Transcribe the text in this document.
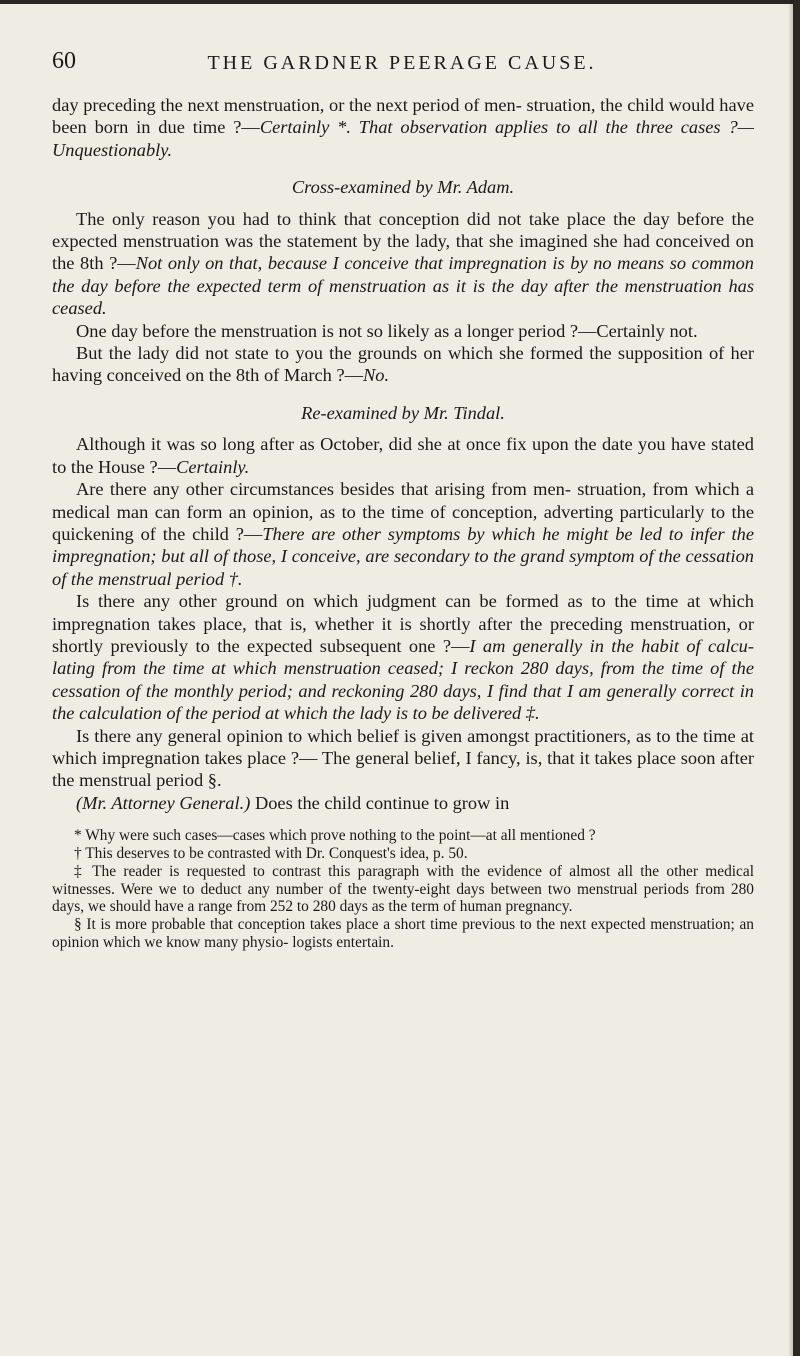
60	THE GARDNER PEERAGE CAUSE.

day preceding the next menstruation, or the next period of men- struation, the child would have been born in due time ?—Certainly *. That observation applies to all the three cases ?—Unquestionably.

Cross-examined by Mr. Adam.

The only reason you had to think that conception did not take place the day before the expected menstruation was the statement by the lady, that she imagined she had conceived on the 8th ?—Not only on that, because I conceive that impregnation is by no means so common the day before the expected term of menstruation as it is the day after the menstruation has ceased.

One day before the menstruation is not so likely as a longer period ?—Certainly not.

But the lady did not state to you the grounds on which she formed the supposition of her having conceived on the 8th of March ?—No.

Re-examined by Mr. Tindal.

Although it was so long after as October, did she at once fix upon the date you have stated to the House ?—Certainly.

Are there any other circumstances besides that arising from men- struation, from which a medical man can form an opinion, as to the time of conception, adverting particularly to the quickening of the child ?—There are other symptoms by which he might be led to infer the impregnation; but all of those, I conceive, are secondary to the grand symptom of the cessation of the menstrual period †.

Is there any other ground on which judgment can be formed as to the time at which impregnation takes place, that is, whether it is shortly after the preceding menstruation, or shortly previously to the expected subsequent one ?—I am generally in the habit of calcu- lating from the time at which menstruation ceased; I reckon 280 days, from the time of the cessation of the monthly period; and reckoning 280 days, I find that I am generally correct in the calculation of the period at which the lady is to be delivered ‡.

Is there any general opinion to which belief is given amongst practitioners, as to the time at which impregnation takes place ?— The general belief, I fancy, is, that it takes place soon after the menstrual period §.

(Mr. Attorney General.) Does the child continue to grow in

* Why were such cases—cases which prove nothing to the point—at all mentioned ?

† This deserves to be contrasted with Dr. Conquest's idea, p. 50.

‡ The reader is requested to contrast this paragraph with the evidence of almost all the other medical witnesses. Were we to deduct any number of the twenty-eight days between two menstrual periods from 280 days, we should have a range from 252 to 280 days as the term of human pregnancy.

§ It is more probable that conception takes place a short time previous to the next expected menstruation; an opinion which we know many physio- logists entertain.
